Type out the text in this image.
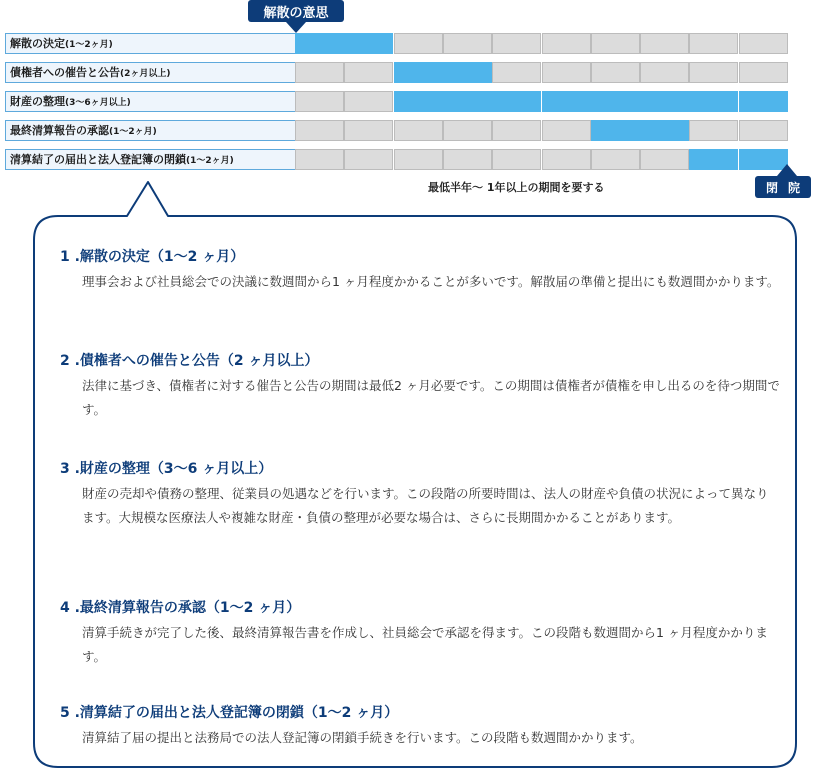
解散の意思
解散の決定(1〜2ヶ月)
債権者への催告と公告(2ヶ月以上)
財産の整理(3〜6ヶ月以上)
最終清算報告の承認(1〜2ヶ月)
清算結了の届出と法人登記簿の閉鎖(1〜2ヶ月)
最低半年〜 1年以上の期間を要する	閉院

1 .解散の決定（1〜2 ヶ月）

理事会および社員総会での決議に数週間から1 ヶ月程度かかることが多いです。解散届の準備と提出にも数週間かかります。

2 .債権者への催告と公告（2 ヶ月以上）

法律に基づき、債権者に対する催告と公告の期間は最低2 ヶ月必要です。この期間は債権者が債権を申し出るのを待つ期間です。

3 .財産の整理（3〜6 ヶ月以上）

財産の売却や債務の整理、従業員の処遇などを行います。この段階の所要時間は、法人の財産や負債の状況によって異なります。大規模な医療法人や複雑な財産・負債の整理が必要な場合は、さらに長期間かかることがあります。

4 .最終清算報告の承認（1〜2 ヶ月）

清算手続きが完了した後、最終清算報告書を作成し、社員総会で承認を得ます。この段階も数週間から1 ヶ月程度かかります。

5 .清算結了の届出と法人登記簿の閉鎖（1〜2 ヶ月）

清算結了届の提出と法務局での法人登記簿の閉鎖手続きを行います。この段階も数週間かかります。
